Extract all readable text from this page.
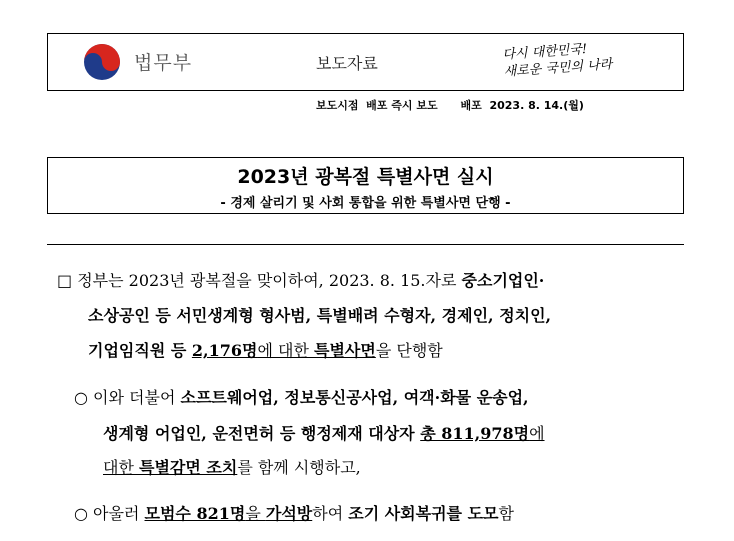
법무부	보도자료
다시 대한민국!
새로운 국민의 나라
보도시점  배포 즉시 보도      배포  2023. 8. 14.(월)
2023년 광복절 특별사면 실시
- 경제 살리기 및 사회 통합을 위한 특별사면 단행 -
□ 정부는 2023년 광복절을 맞이하여, 2023. 8. 15.자로 중소기업인·
소상공인 등 서민생계형 형사범, 특별배려 수형자, 경제인, 정치인,
기업임직원 등 2,176명에 대한 특별사면을 단행함
○ 이와 더불어 소프트웨어업, 정보통신공사업, 여객·화물 운송업,
생계형 어업인, 운전면허 등 행정제재 대상자 총 811,978명에
대한 특별감면 조치를 함께 시행하고,
○ 아울러 모범수 821명을 가석방하여 조기 사회복귀를 도모함
